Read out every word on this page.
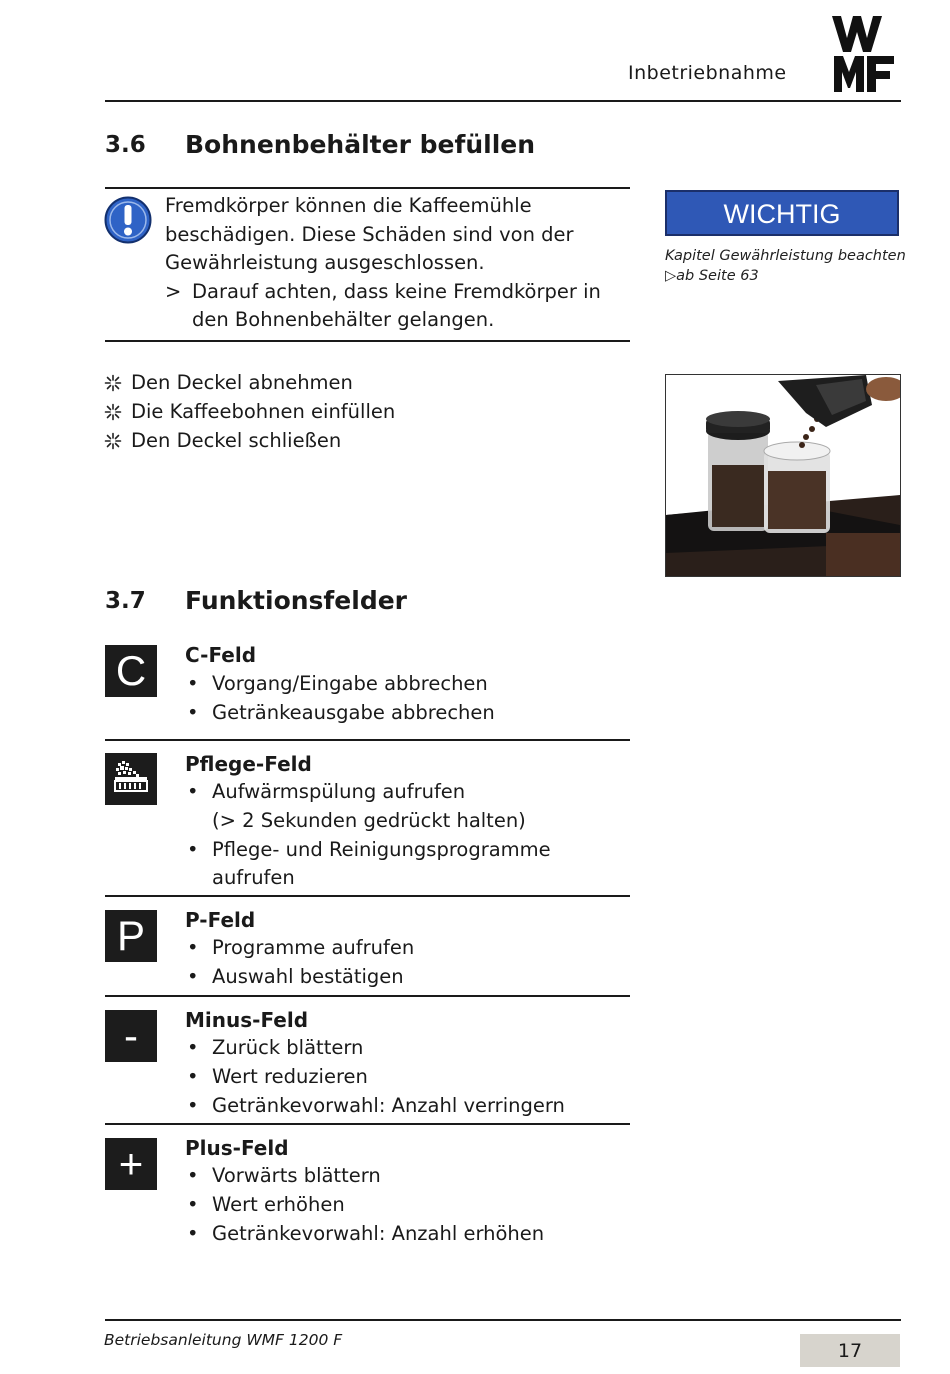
Inbetriebnahme
3.6 Bohnenbehälter befüllen
Fremdkörper können die Kaffeemühle
beschädigen. Diese Schäden sind von der
Gewährleistung ausgeschlossen.
> Darauf achten, dass keine Fremdkörper in
den Bohnenbehälter gelangen.
WICHTIG
Kapitel Gewährleistung beachten
▷ab Seite 63
Den Deckel abnehmen
Die Kaffeebohnen einfüllen
Den Deckel schließen
3.7 Funktionsfelder
C	C-Feld
• Vorgang/Eingabe abbrechen
• Getränkeausgabe abbrechen
Pflege-Feld
• Aufwärmspülung aufrufen
(> 2 Sekunden gedrückt halten)
• Pflege- und Reinigungsprogramme
aufrufen
P	P-Feld
• Programme aufrufen
• Auswahl bestätigen
-	Minus-Feld
• Zurück blättern
• Wert reduzieren
• Getränkevorwahl: Anzahl verringern
+	Plus-Feld
• Vorwärts blättern
• Wert erhöhen
• Getränkevorwahl: Anzahl erhöhen
Betriebsanleitung WMF 1200 F	17
